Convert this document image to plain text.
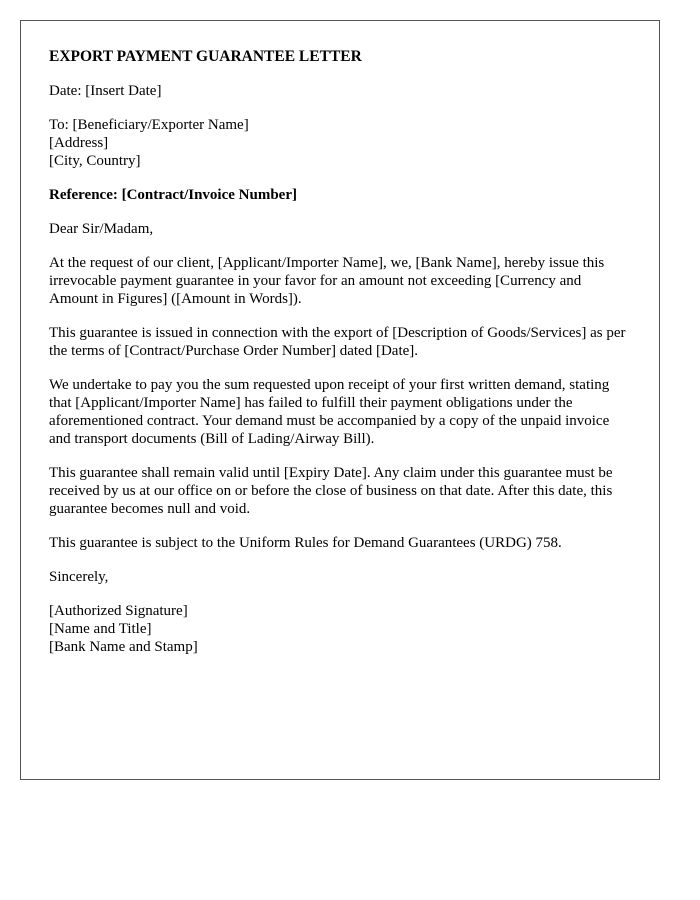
EXPORT PAYMENT GUARANTEE LETTER

Date: [Insert Date]

To: [Beneficiary/Exporter Name]
[Address]
[City, Country]

Reference: [Contract/Invoice Number]

Dear Sir/Madam,

At the request of our client, [Applicant/Importer Name], we, [Bank Name], hereby issue this irrevocable payment guarantee in your favor for an amount not exceeding [Currency and Amount in Figures] ([Amount in Words]).

This guarantee is issued in connection with the export of [Description of Goods/Services] as per the terms of [Contract/Purchase Order Number] dated [Date].

We undertake to pay you the sum requested upon receipt of your first written demand, stating that [Applicant/Importer Name] has failed to fulfill their payment obligations under the aforementioned contract. Your demand must be accompanied by a copy of the unpaid invoice and transport documents (Bill of Lading/Airway Bill).

This guarantee shall remain valid until [Expiry Date]. Any claim under this guarantee must be received by us at our office on or before the close of business on that date. After this date, this guarantee becomes null and void.

This guarantee is subject to the Uniform Rules for Demand Guarantees (URDG) 758.

Sincerely,

[Authorized Signature]
[Name and Title]
[Bank Name and Stamp]
